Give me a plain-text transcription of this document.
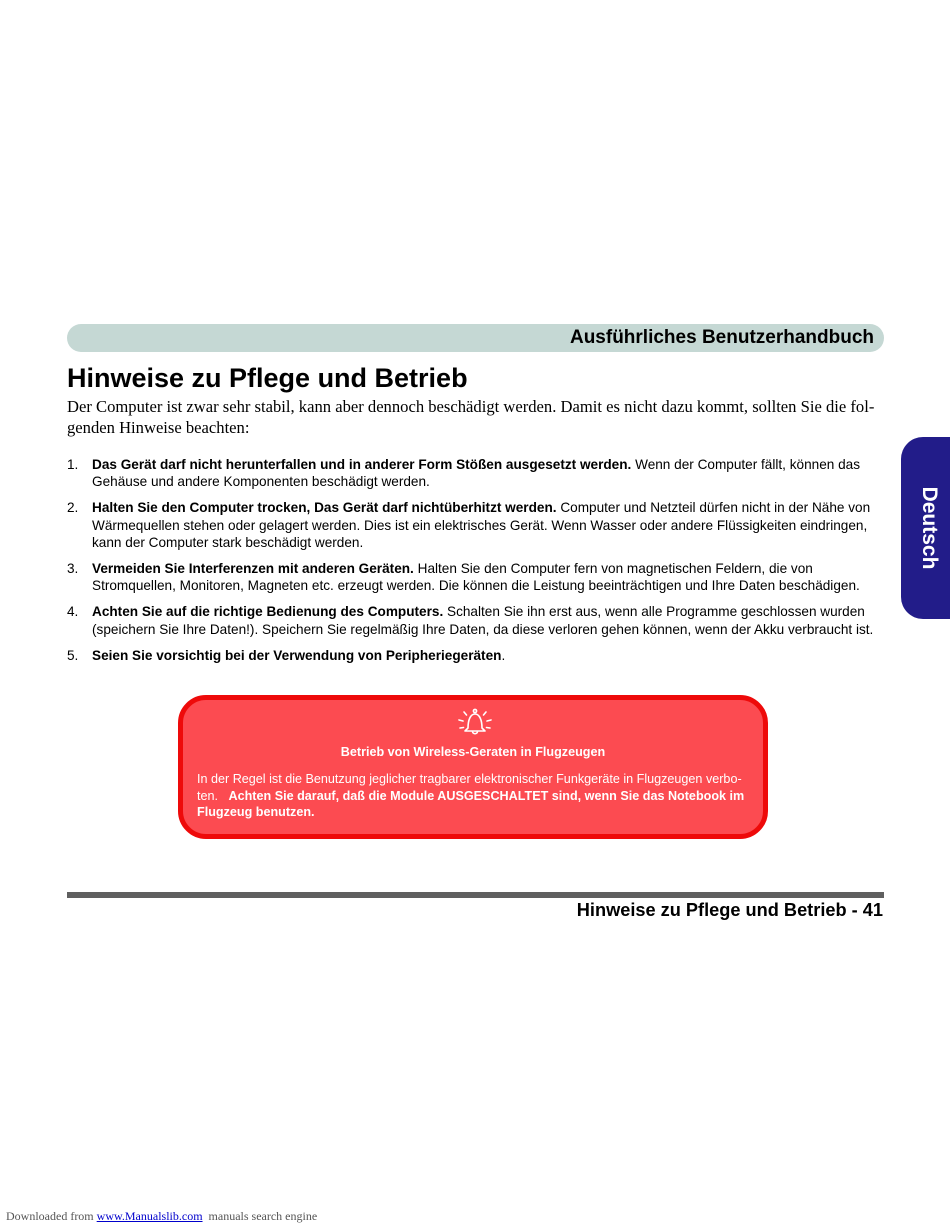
Ausführliches Benutzerhandbuch
Hinweise zu Pflege und Betrieb

Der Computer ist zwar sehr stabil, kann aber dennoch beschädigt werden. Damit es nicht dazu kommt, sollten Sie die fol-
genden Hinweise beachten:

1. Das Gerät darf nicht herunterfallen und in anderer Form Stößen ausgesetzt werden. Wenn der Computer fällt, können das
Gehäuse und andere Komponenten beschädigt werden.
2. Halten Sie den Computer trocken, Das Gerät darf nichtüberhitzt werden. Computer und Netzteil dürfen nicht in der Nähe von
Wärmequellen stehen oder gelagert werden. Dies ist ein elektrisches Gerät. Wenn Wasser oder andere Flüssigkeiten eindringen,
kann der Computer stark beschädigt werden.
3. Vermeiden Sie Interferenzen mit anderen Geräten. Halten Sie den Computer fern von magnetischen Feldern, die von
Stromquellen, Monitoren, Magneten etc. erzeugt werden. Die können die Leistung beeinträchtigen und Ihre Daten beschädigen.
4. Achten Sie auf die richtige Bedienung des Computers. Schalten Sie ihn erst aus, wenn alle Programme geschlossen wurden
(speichern Sie Ihre Daten!). Speichern Sie regelmäßig Ihre Daten, da diese verloren gehen können, wenn der Akku verbraucht ist.
5. Seien Sie vorsichtig bei der Verwendung von Peripheriegeräten.
Betrieb von Wireless-Geraten in Flugzeugen
In der Regel ist die Benutzung jeglicher tragbarer elektronischer Funkgeräte in Flugzeugen verbo-
ten.   Achten Sie darauf, daß die Module AUSGESCHALTET sind, wenn Sie das Notebook im
Flugzeug benutzen.
Deutsch
Hinweise zu Pflege und Betrieb - 41
Downloaded from www.Manualslib.com  manuals search engine
